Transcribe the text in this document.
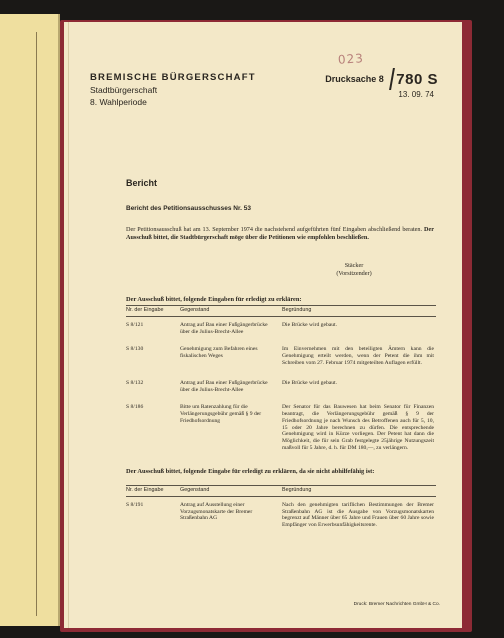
023
BREMISCHE BÜRGERSCHAFT
Stadtbürgerschaft
8. Wahlperiode
Drucksache 8 780 S
13. 09. 74
Bericht
Bericht des Petitionsausschusses Nr. 53
Der Petitionsausschuß hat am 13. September 1974 die nachstehend aufgeführten fünf Eingaben abschließend beraten. Der Ausschuß bittet, die Stadtbürgerschaft möge über die Petitionen wie empfohlen beschließen.
Stäcker
(Vorsitzender)
Der Ausschuß bittet, folgende Eingaben für erledigt zu erklären:
Nr. der Eingabe	Gegenstand	Begründung
S 8/121	Antrag auf Bau einer Fußgängerbrücke über die Julius-Brecht-Allee	Die Brücke wird gebaut.
S 8/130	Genehmigung zum Befahren eines fiskalischen Weges	Im Einvernehmen mit den beteiligten Ämtern kann die Genehmigung erteilt werden, wenn der Petent die ihm mit Schreiben vom 27. Februar 1974 mitgeteilten Auflagen erfüllt.
S 8/132	Antrag auf Bau einer Fußgängerbrücke über die Julius-Brecht-Allee	Die Brücke wird gebaut.
S 8/186	Bitte um Ratenzahlung für die Verlängerungsgebühr gemäß § 9 der Friedhofsordnung	Der Senator für das Bauwesen hat beim Senator für Finanzen beantragt, die Verlängerungsgebühr gemäß § 9 der Friedhofsordnung je nach Wunsch des Betroffenen auch für 5, 10, 15 oder 20 Jahre berechnen zu dürfen. Die entsprechende Genehmigung wird in Kürze vorliegen. Der Petent hat dann die Möglichkeit, die für sein Grab festgelegte 25jährige Nutzungszeit maßvoll für 5 Jahre, d. h. für DM 180,—, zu verlängern.
Der Ausschuß bittet, folgende Eingabe für erledigt zu erklären, da sie nicht abhilfefähig ist:
Nr. der Eingabe	Gegenstand	Begründung
S 8/191	Antrag auf Ausstellung einer Vorzugsmonatskarte der Bremer Straßenbahn AG	Nach den genehmigten tariflichen Bestimmungen der Bremer Straßenbahn AG ist die Ausgabe von Vorzugsmonatskarten begrenzt auf Männer über 65 Jahre und Frauen über 60 Jahre sowie Empfänger von Erwerbsunfähigkeitsrente.
Druck: Bremer Nachrichten GmbH & Co.
